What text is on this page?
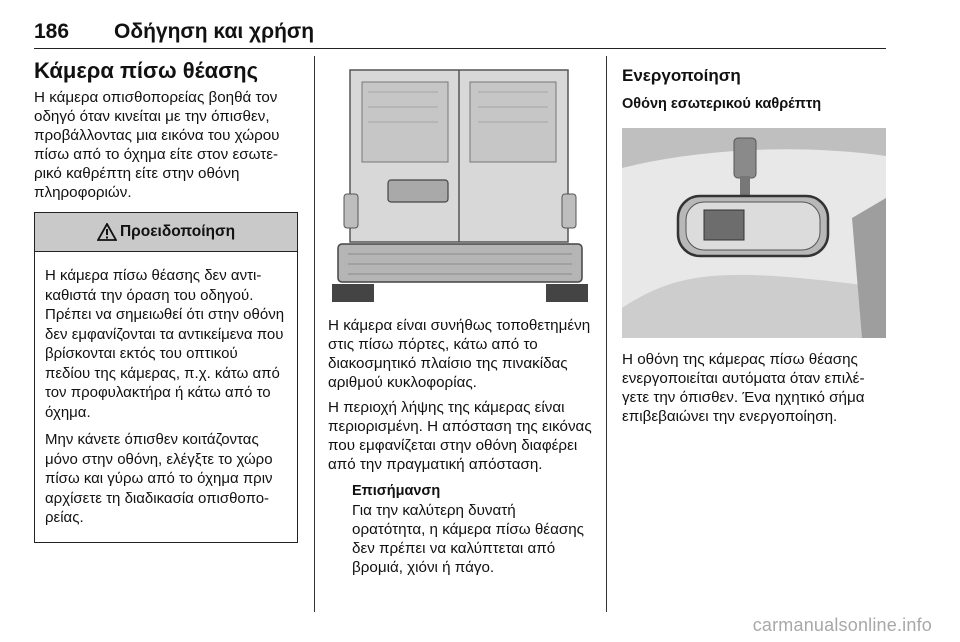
186 Οδήγηση και χρήση
Κάμερα πίσω θέασης

Η κάμερα οπισθοπορείας βοηθά τον οδηγό όταν κινείται με την όπισθεν, προβάλλοντας μια εικόνα του χώρου πίσω από το όχημα είτε στον εσωτερικό καθρέπτη είτε στην οθόνη πληροφοριών.

Προειδοποίηση

Η κάμερα πίσω θέασης δεν αντικαθιστά την όραση του οδηγού. Πρέπει να σημειωθεί ότι στην οθόνη δεν εμφανίζονται τα αντικείμενα που βρίσκονται εκτός του οπτικού πεδίου της κάμερας, π.χ. κάτω από τον προφυλακτήρα ή κάτω από το όχημα.

Μην κάνετε όπισθεν κοιτάζοντας μόνο στην οθόνη, ελέγξτε το χώρο πίσω και γύρω από το όχημα πριν αρχίσετε τη διαδικασία οπισθοπορείας.

Η κάμερα είναι συνήθως τοποθετημένη στις πίσω πόρτες, κάτω από το διακοσμητικό πλαίσιο της πινακίδας αριθμού κυκλοφορίας.

Η περιοχή λήψης της κάμερας είναι περιορισμένη. Η απόσταση της εικόνας που εμφανίζεται στην οθόνη διαφέρει από την πραγματική απόσταση.

Επισήμανση

Για την καλύτερη δυνατή ορατότητα, η κάμερα πίσω θέασης δεν πρέπει να καλύπτεται από βρομιά, χιόνι ή πάγο.

Ενεργοποίηση
Οθόνη εσωτερικού καθρέπτη

Η οθόνη της κάμερας πίσω θέασης ενεργοποιείται αυτόματα όταν επιλέγετε την όπισθεν. Ένα ηχητικό σήμα επιβεβαιώνει την ενεργοποίηση.

carmanualsonline.info
